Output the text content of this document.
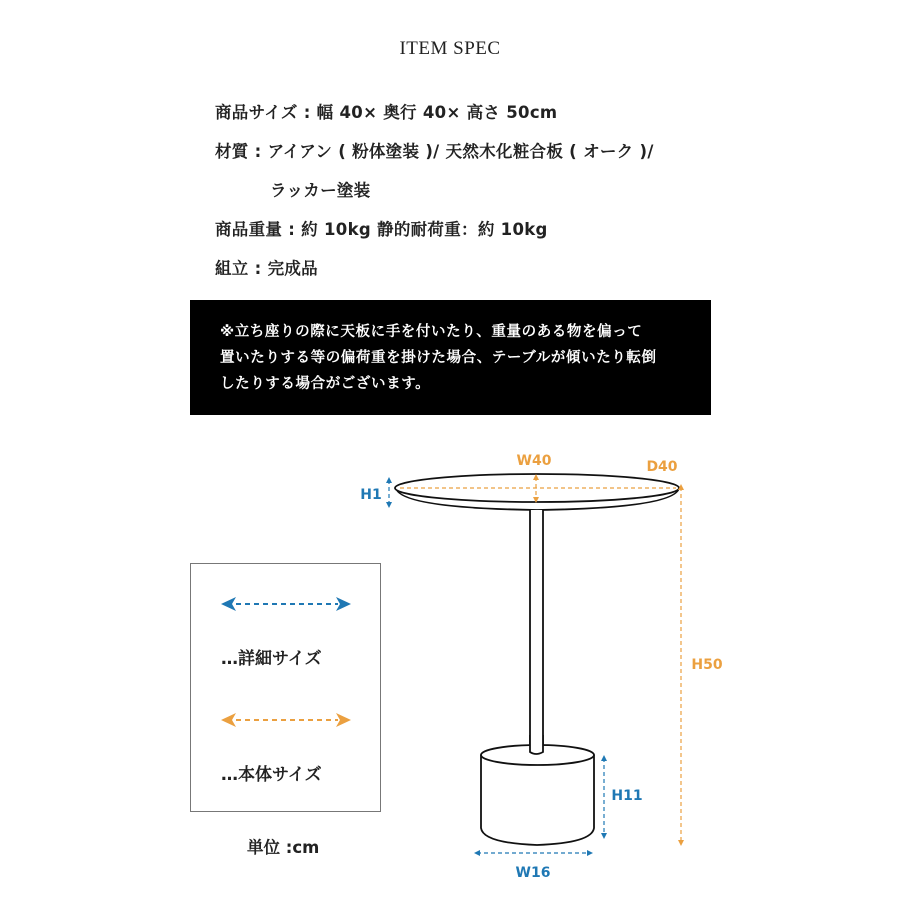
ITEM SPEC
商品サイズ : 幅 40× 奥行 40× 高さ 50cm
材質 : アイアン ( 粉体塗装 )/ 天然木化粧合板 ( オーク )/
ラッカー塗装
商品重量 : 約 10kg 静的耐荷重：約 10kg
組立 : 完成品
※立ち座りの際に天板に手を付いたり、重量のある物を偏って
置いたりする等の偏荷重を掛けた場合、テーブルが傾いたり転倒
したりする場合がございます。
…詳細サイズ
…本体サイズ
単位 :cm
W40	D40
H1
H50
H11
W16
